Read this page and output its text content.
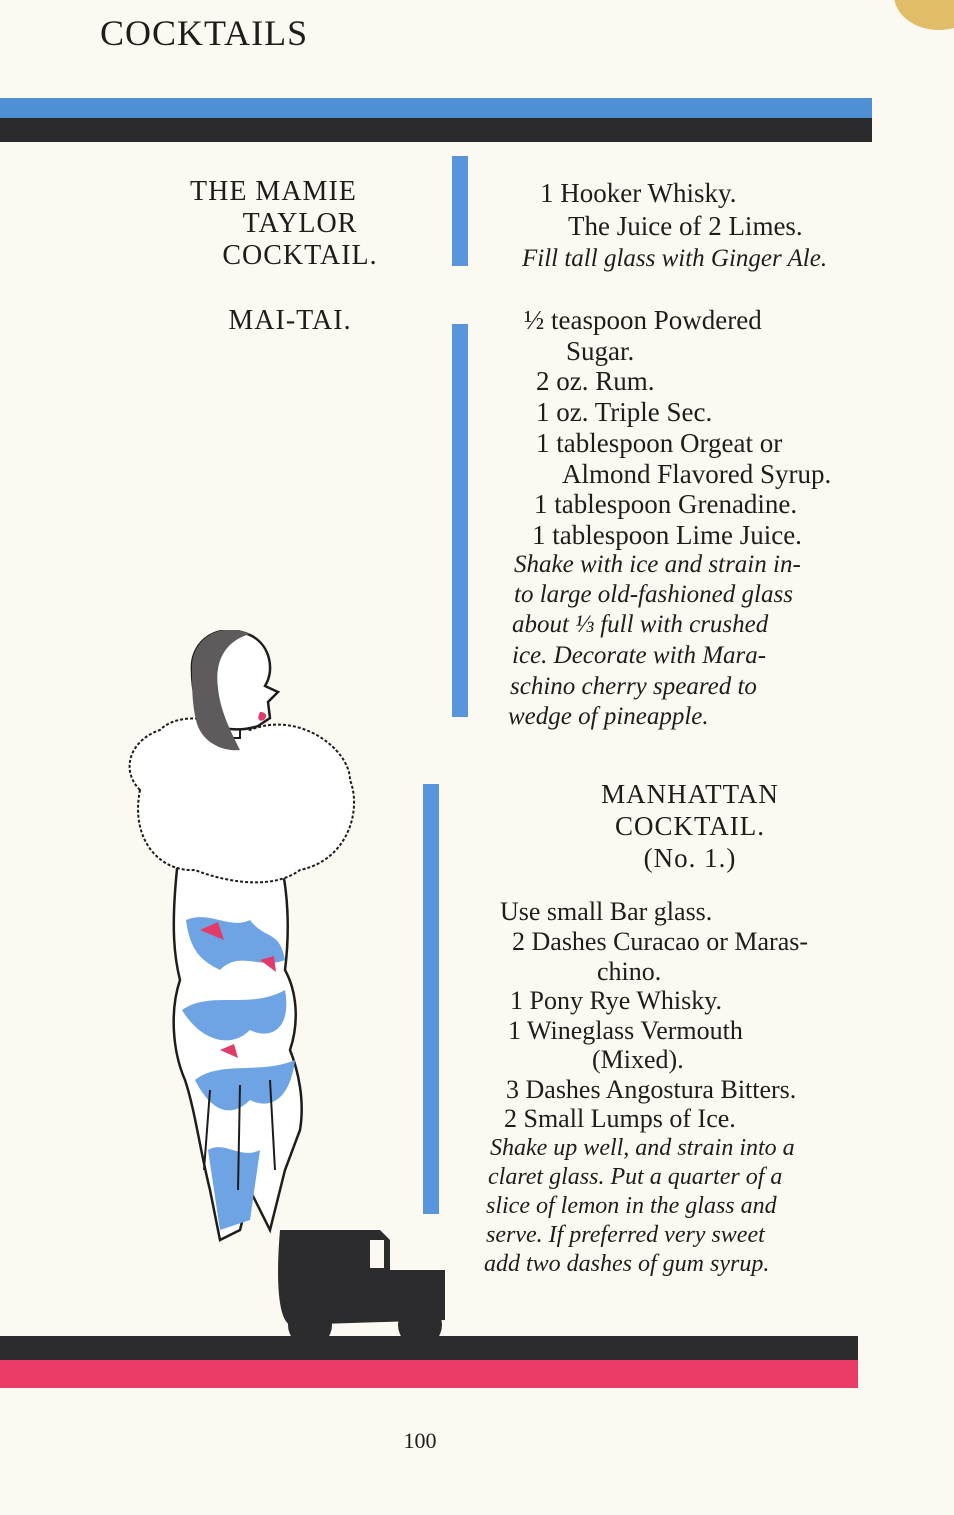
COCKTAILS
THE MAMIE
TAYLOR
COCKTAIL.
1 Hooker Whisky.
The Juice of 2 Limes.
Fill tall glass with Ginger Ale.
MAI-TAI.	½ teaspoon Powdered
Sugar.
2 oz. Rum.
1 oz. Triple Sec.
1 tablespoon Orgeat or
Almond Flavored Syrup.
1 tablespoon Grenadine.
1 tablespoon Lime Juice.
Shake with ice and strain in-
to large old-fashioned glass
about ⅓ full with crushed
ice. Decorate with Mara-
schino cherry speared to
wedge of pineapple.
MANHATTAN
COCKTAIL.
(No. 1.)
Use small Bar glass.
2 Dashes Curacao or Maras-
chino.
1 Pony Rye Whisky.
1 Wineglass Vermouth
(Mixed).
3 Dashes Angostura Bitters.
2 Small Lumps of Ice.
Shake up well, and strain into a
claret glass. Put a quarter of a
slice of lemon in the glass and
serve. If preferred very sweet
add two dashes of gum syrup.
100
